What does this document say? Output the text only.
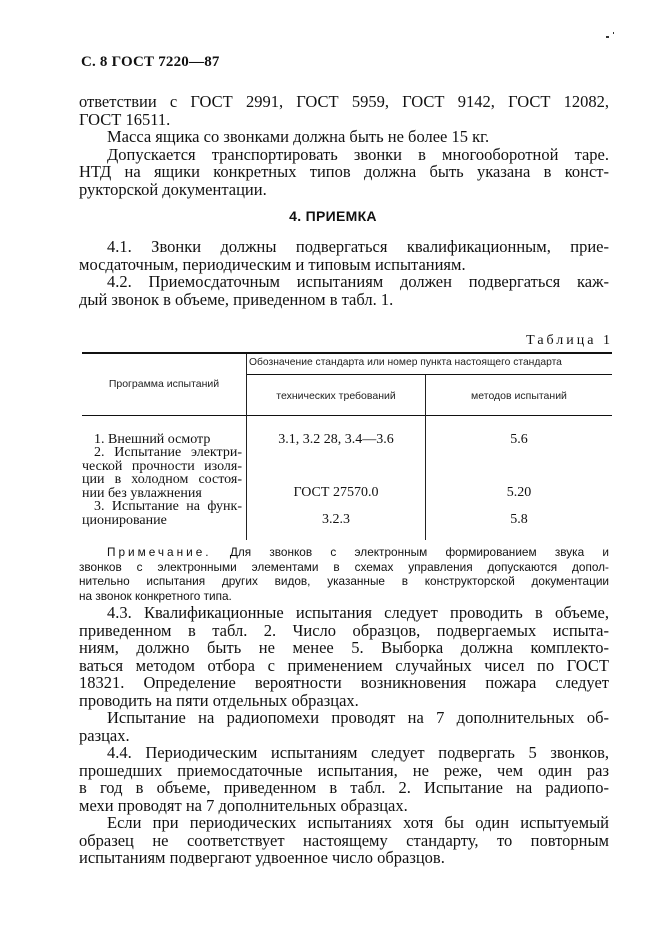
С. 8 ГОСТ 7220—87
ответствии с ГОСТ 2991, ГОСТ 5959, ГОСТ 9142, ГОСТ 12082,
ГОСТ 16511.
Масса ящика со звонками должна быть не более 15 кг.
Допускается транспортировать звонки в многооборотной таре.
НТД на ящики конкретных типов должна быть указана в конст-
рукторской документации.
4. ПРИЕМКА
4.1. Звонки должны подвергаться квалификационным, прие-
мосдаточным, периодическим и типовым испытаниям.
4.2. Приемосдаточным испытаниям должен подвергаться каж-
дый звонок в объеме, приведенном в табл. 1.
Таблица 1
Программа испытаний
Обозначение стандарта или номер пункта настоящего стандарта
технических требований	методов испытаний
1. Внешний осмотр	3.1, 3.2 28, 3.4—3.6	5.6
2. Испытание электри-
ческой прочности изоля-
ции в холодном состоя-
нии без увлажнения	ГОСТ 27570.0	5.20
3. Испытание на функ-
ционирование	3.2.3	5.8
Примечание. Для звонков с электронным формированием звука и
звонков с электронными элементами в схемах управления допускаются допол-
нительно испытания других видов, указанные в конструкторской документации
на звонок конкретного типа.
4.3. Квалификационные испытания следует проводить в объеме,
приведенном в табл. 2. Число образцов, подвергаемых испыта-
ниям, должно быть не менее 5. Выборка должна комплекто-
ваться методом отбора с применением случайных чисел по ГОСТ
18321. Определение вероятности возникновения пожара следует
проводить на пяти отдельных образцах.
Испытание на радиопомехи проводят на 7 дополнительных об-
разцах.
4.4. Периодическим испытаниям следует подвергать 5 звонков,
прошедших приемосдаточные испытания, не реже, чем один раз
в год в объеме, приведенном в табл. 2. Испытание на радиопо-
мехи проводят на 7 дополнительных образцах.
Если при периодических испытаниях хотя бы один испытуемый
образец не соответствует настоящему стандарту, то повторным
испытаниям подвергают удвоенное число образцов.
